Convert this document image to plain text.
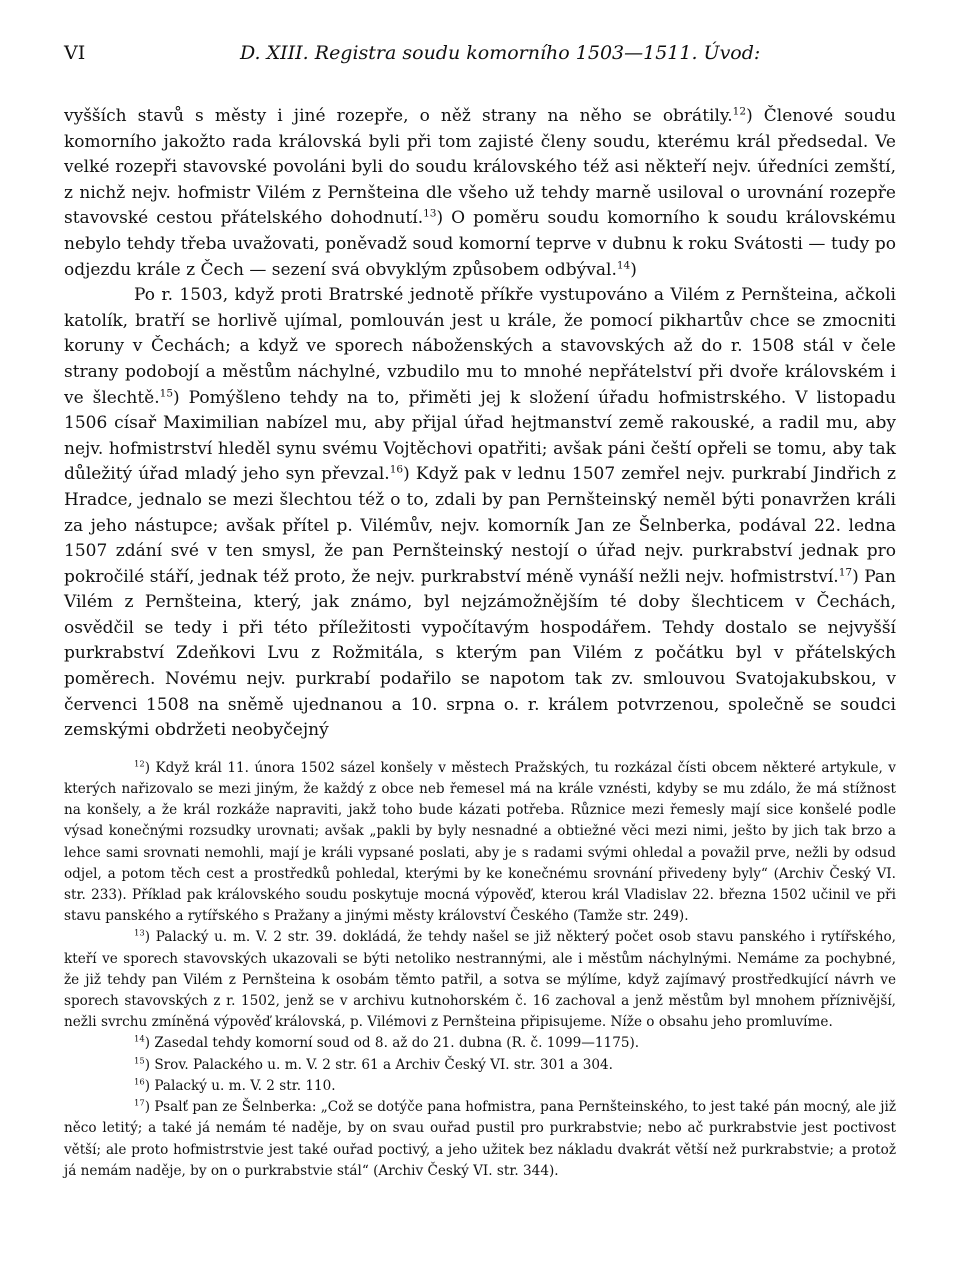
VI	D. XIII. Registra soudu komorního 1503—1511. Úvod:

vyšších stavů s městy i jiné rozepře, o něž strany na něho se obrátily.$^{12}$) Členové soudu komorního jakožto rada královská byli při tom zajisté členy soudu, kterému král předsedal. Ve velké rozepři stavovské povoláni byli do soudu královského též asi někteří nejv. úředníci zemští, z nichž nejv. hofmistr Vilém z Pernšteina dle všeho už tehdy marně usiloval o urovnání rozepře stavovské cestou přátelského dohodnutí.$^{13}$) O poměru soudu komorního k soudu královskému nebylo tehdy třeba uvažovati, poněvadž soud komorní teprve v dubnu k roku Svátosti — tudy po odjezdu krále z Čech — sezení svá obvyklým způsobem odbýval.$^{14}$)

Po r. 1503, když proti Bratrské jednotě příkře vystupováno a Vilém z Pernšteina, ačkoli katolík, bratří se horlivě ujímal, pomlouván jest u krále, že pomocí pikhartův chce se zmocniti koruny v Čechách; a když ve sporech náboženských a stavovských až do r. 1508 stál v čele strany podobojí a městům náchylné, vzbudilo mu to mnohé nepřátelství při dvoře královském i ve šlechtě.$^{15}$) Pomýšleno tehdy na to, přiměti jej k složení úřadu hofmistrského. V listopadu 1506 císař Maximilian nabízel mu, aby přijal úřad hejtmanství země rakouské, a radil mu, aby nejv. hofmistrství hleděl synu svému Vojtěchovi opatřiti; avšak páni čeští opřeli se tomu, aby tak důležitý úřad mladý jeho syn převzal.$^{16}$) Když pak v lednu 1507 zemřel nejv. purkrabí Jindřich z Hradce, jednalo se mezi šlechtou též o to, zdali by pan Pernšteinský neměl býti ponavržen králi za jeho nástupce; avšak přítel p. Vilémův, nejv. komorník Jan ze Šelnberka, podával 22. ledna 1507 zdání své v ten smysl, že pan Pernšteinský nestojí o úřad nejv. purkrabství jednak pro pokročilé stáří, jednak též proto, že nejv. purkrabství méně vynáší nežli nejv. hofmistrství.$^{17}$) Pan Vilém z Pernšteina, který, jak známo, byl nejzámožnějším té doby šlechticem v Čechách, osvědčil se tedy i při této příležitosti vypočítavým hospodářem. Tehdy dostalo se nejvyšší purkrabství Zdeňkovi Lvu z Rožmitála, s kterým pan Vilém z počátku byl v přátelských poměrech. Novému nejv. purkrabí podařilo se napotom tak zv. smlouvou Svatojakubskou, v červenci 1508 na sněmě ujednanou a 10. srpna o. r. králem potvrzenou, společně se soudci zemskými obdržeti neobyčejný

$^{12}$) Když král 11. února 1502 sázel konšely v městech Pražských, tu rozkázal čísti obcem některé artykule, v kterých nařizovalo se mezi jiným, že každý z obce neb řemesel má na krále vznésti, kdyby se mu zdálo, že má stížnost na konšely, a že král rozkáže napraviti, jakž toho bude kázati potřeba. Různice mezi řemesly mají sice konšelé podle výsad konečnými rozsudky urovnati; avšak „pakli by byly nesnadné a obtiežné věci mezi nimi, ješto by jich tak brzo a lehce sami srovnati nemohli, mají je králi vypsané poslati, aby je s radami svými ohledal a považil prve, nežli by odsud odjel, a potom těch cest a prostředků pohledal, kterými by ke konečnému srovnání přivedeny byly“ (Archiv Český VI. str. 233). Příklad pak královského soudu poskytuje mocná výpověď, kterou král Vladislav 22. března 1502 učinil ve při stavu panského a rytířského s Pražany a jinými městy království Českého (Tamže str. 249).

$^{13}$) Palacký u. m. V. 2 str. 39. dokládá, že tehdy našel se již některý počet osob stavu panského i rytířského, kteří ve sporech stavovských ukazovali se býti netoliko nestrannými, ale i městům náchylnými. Nemáme za pochybné, že již tehdy pan Vilém z Pernšteina k osobám těmto patřil, a sotva se mýlíme, když zajímavý prostředkující návrh ve sporech stavovských z r. 1502, jenž se v archivu kutnohorském č. 16 zachoval a jenž městům byl mnohem příznivější, nežli svrchu zmíněná výpověď královská, p. Vilémovi z Pernšteina připisujeme. Níže o obsahu jeho promluvíme.

$^{14}$) Zasedal tehdy komorní soud od 8. až do 21. dubna (R. č. 1099—1175).

$^{15}$) Srov. Palackého u. m. V. 2 str. 61 a Archiv Český VI. str. 301 a 304.

$^{16}$) Palacký u. m. V. 2 str. 110.

$^{17}$) Psalť pan ze Šelnberka: „Což se dotýče pana hofmistra, pana Pernšteinského, to jest také pán mocný, ale již něco letitý; a také já nemám té naděje, by on svau ouřad pustil pro purkrabstvie; nebo ač purkrabstvie jest poctivost větší; ale proto hofmistrstvie jest také ouřad poctivý, a jeho užitek bez nákladu dvakrát větší než purkrabstvie; a protož já nemám naděje, by on o purkrabstvie stál“ (Archiv Český VI. str. 344).
